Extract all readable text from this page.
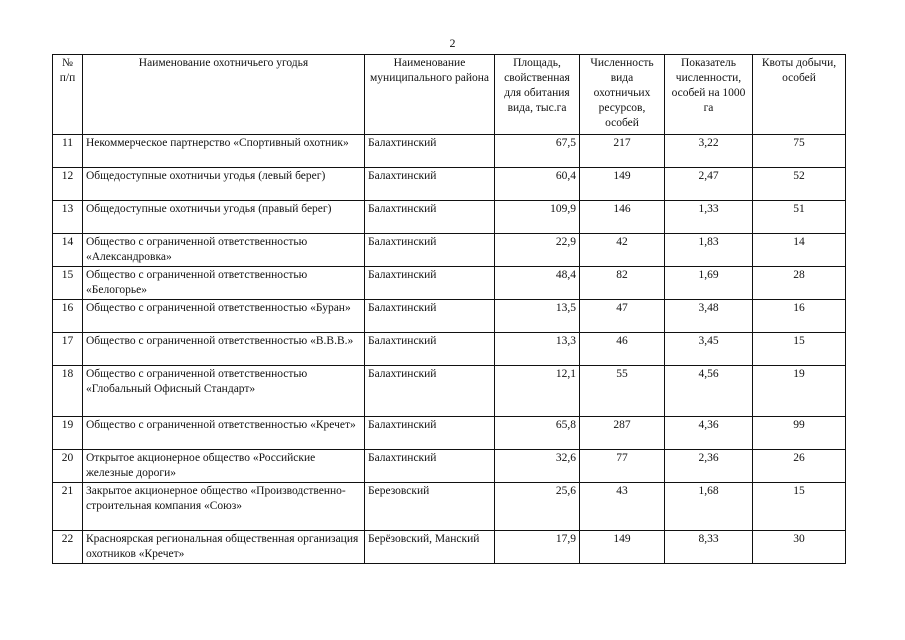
2
№ п/п	Наименование охотничьего угодья	Наименование муниципального района	Площадь, свойственная для обитания вида, тыс.га	Численность вида охотничьих ресурсов, особей	Показатель численности, особей на 1000 га	Квоты добычи, особей
11	Некоммерческое партнерство «Спортивный охотник»	Балахтинский	67,5	217	3,22	75
12	Общедоступные охотничьи угодья (левый берег)	Балахтинский	60,4	149	2,47	52
13	Общедоступные охотничьи угодья (правый берег)	Балахтинский	109,9	146	1,33	51
14	Общество с ограниченной ответственностью «Александровка»	Балахтинский	22,9	42	1,83	14
15	Общество с ограниченной ответственностью «Белогорье»	Балахтинский	48,4	82	1,69	28
16	Общество с ограниченной ответственностью «Буран»	Балахтинский	13,5	47	3,48	16
17	Общество с ограниченной ответственностью «В.В.В.»	Балахтинский	13,3	46	3,45	15
18	Общество с ограниченной ответственностью «Глобальный Офисный Стандарт»	Балахтинский	12,1	55	4,56	19
19	Общество с ограниченной ответственностью «Кречет»	Балахтинский	65,8	287	4,36	99
20	Открытое акционерное общество «Российские железные дороги»	Балахтинский	32,6	77	2,36	26
21	Закрытое акционерное общество «Производственно-строительная компания «Союз»	Березовский	25,6	43	1,68	15
22	Красноярская региональная общественная организация охотников «Кречет»	Берёзовский, Манский	17,9	149	8,33	30
